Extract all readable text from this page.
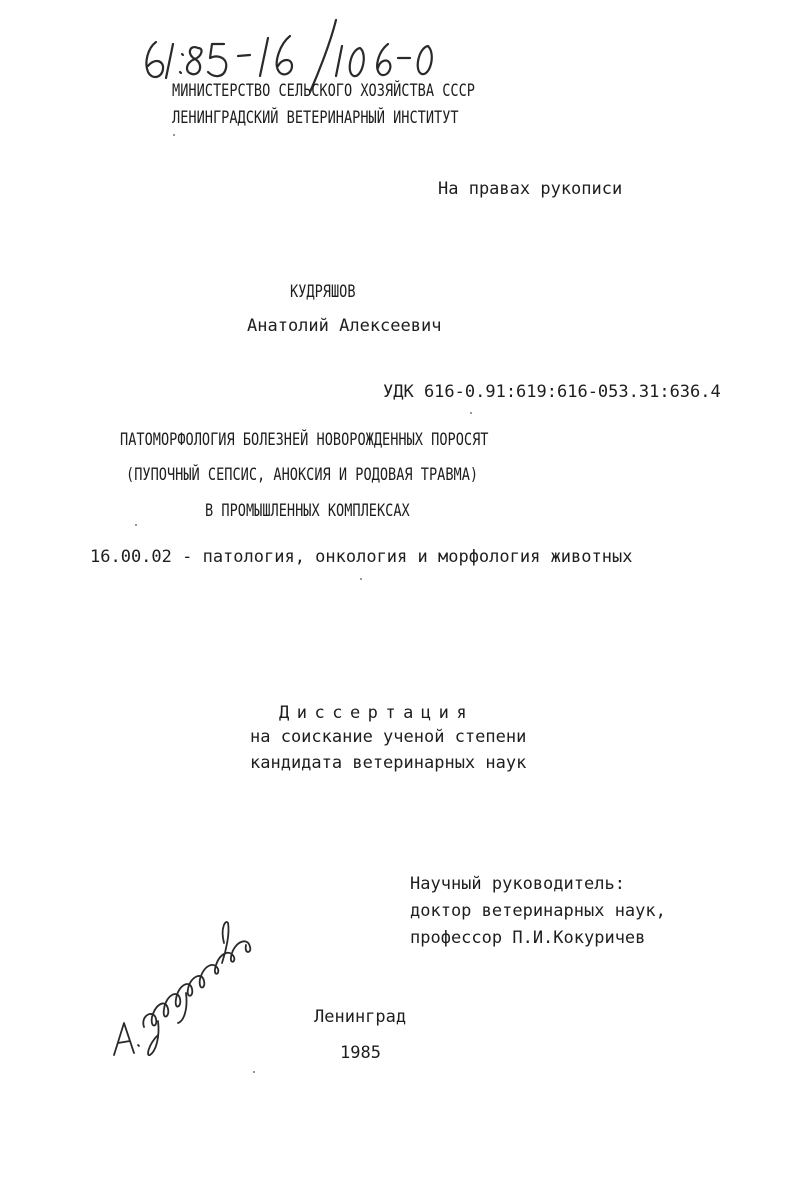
МИНИСТЕРСТВО СЕЛЬСКОГО ХОЗЯЙСТВА СССР
ЛЕНИНГРАДСКИЙ ВЕТЕРИНАРНЫЙ ИНСТИТУТ
На правах рукописи
КУДРЯШОВ
Анатолий Алексеевич
УДК 616-0.91:619:616-053.31:636.4
ПАТОМОРФОЛОГИЯ БОЛЕЗНЕЙ НОВОРОЖДЕННЫХ ПОРОСЯТ
(ПУПОЧНЫЙ СЕПСИС, АНОКСИЯ И РОДОВАЯ ТРАВМА)
В ПРОМЫШЛЕННЫХ КОМПЛЕКСАХ
16.00.02 - патология, онкология и морфология животных
Диссертация
на соискание ученой степени
кандидата ветеринарных наук
Научный руководитель:
доктор ветеринарных наук,
профессор П.И.Кокуричев
Ленинград
1985
